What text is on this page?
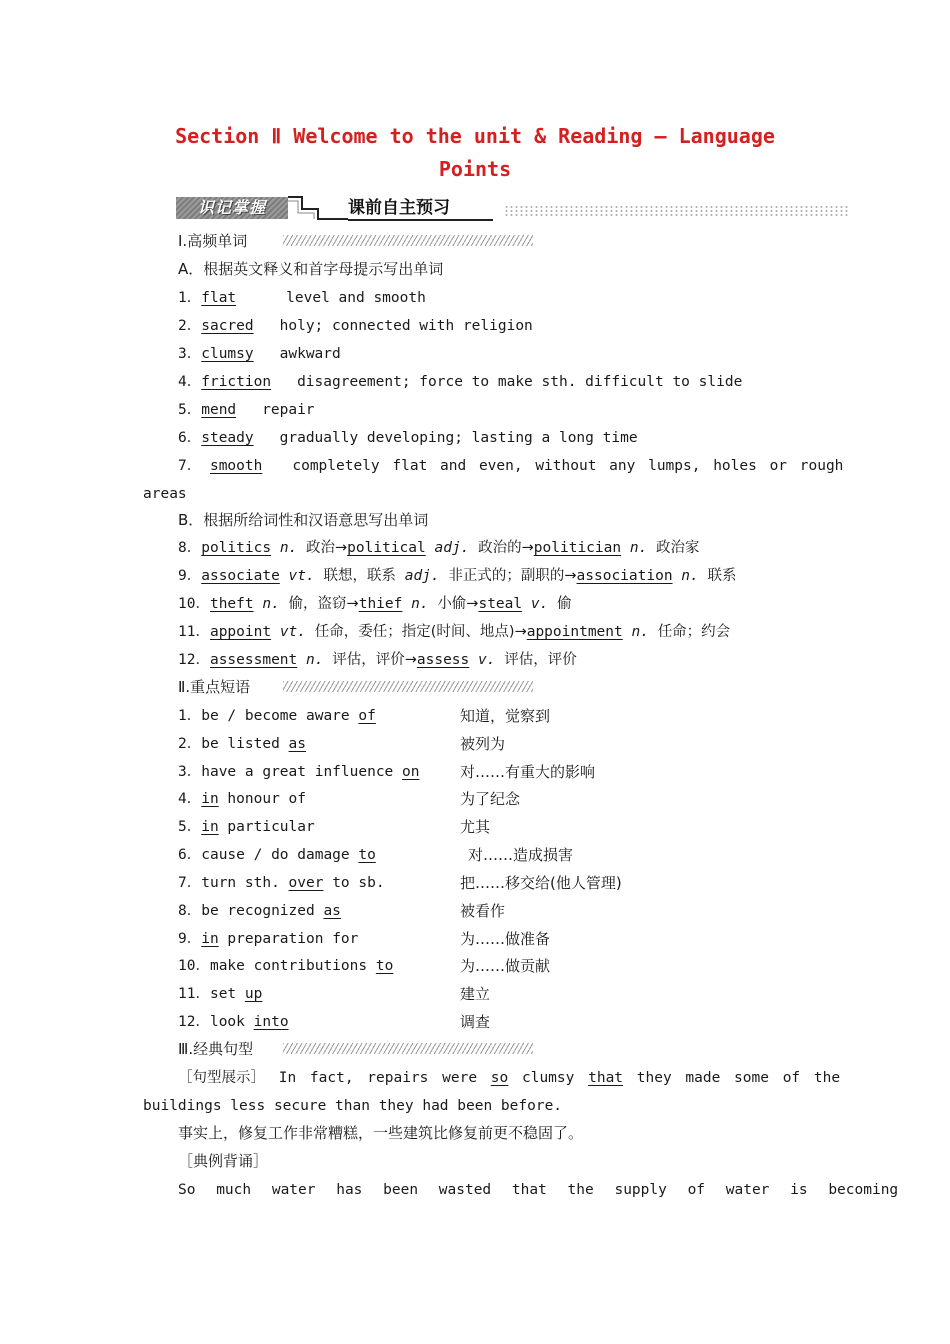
Section Ⅱ Welcome to the unit & Reading — Language
Points
识记掌握	课前自主预习
Ⅰ.高频单词
A．根据英文释义和首字母提示写出单词
1．flat	level and smooth
2．sacred holy; connected with religion
3．clumsy awkward
4．friction disagreement; force to make sth. difficult to slide
5．mend repair
6．steady gradually developing; lasting a long time
7． smooth completely flat and even, without any lumps, holes or rough
areas
B．根据所给词性和汉语意思写出单词
8．politics n. 政治→political adj. 政治的→politician n. 政治家
9．associate vt. 联想，联系 adj. 非正式的；副职的→association n. 联系
10．theft n. 偷，盗窃→thief n. 小偷→steal v. 偷
11．appoint vt. 任命，委任；指定(时间、地点)→appointment n. 任命；约会
12．assessment n. 评估，评价→assess v. 评估，评价
Ⅱ.重点短语
1．be / become aware of	知道，觉察到
2．be listed as	被列为
3．have a great influence on	对……有重大的影响
4．in honour of	为了纪念
5．in particular	尤其
6．cause / do damage to	对……造成损害
7．turn sth. over to sb.	把……移交给(他人管理)
8．be recognized as	被看作
9．in preparation for	为……做准备
10．make contributions to	为……做贡献
11．set up	建立
12．look into	调查
Ⅲ.经典句型
［句型展示］ In fact, repairs were so clumsy that they made some of the
buildings less secure than they had been before.
事实上，修复工作非常糟糕，一些建筑比修复前更不稳固了。
［典例背诵］
So much water has been wasted that the supply of water is becoming
